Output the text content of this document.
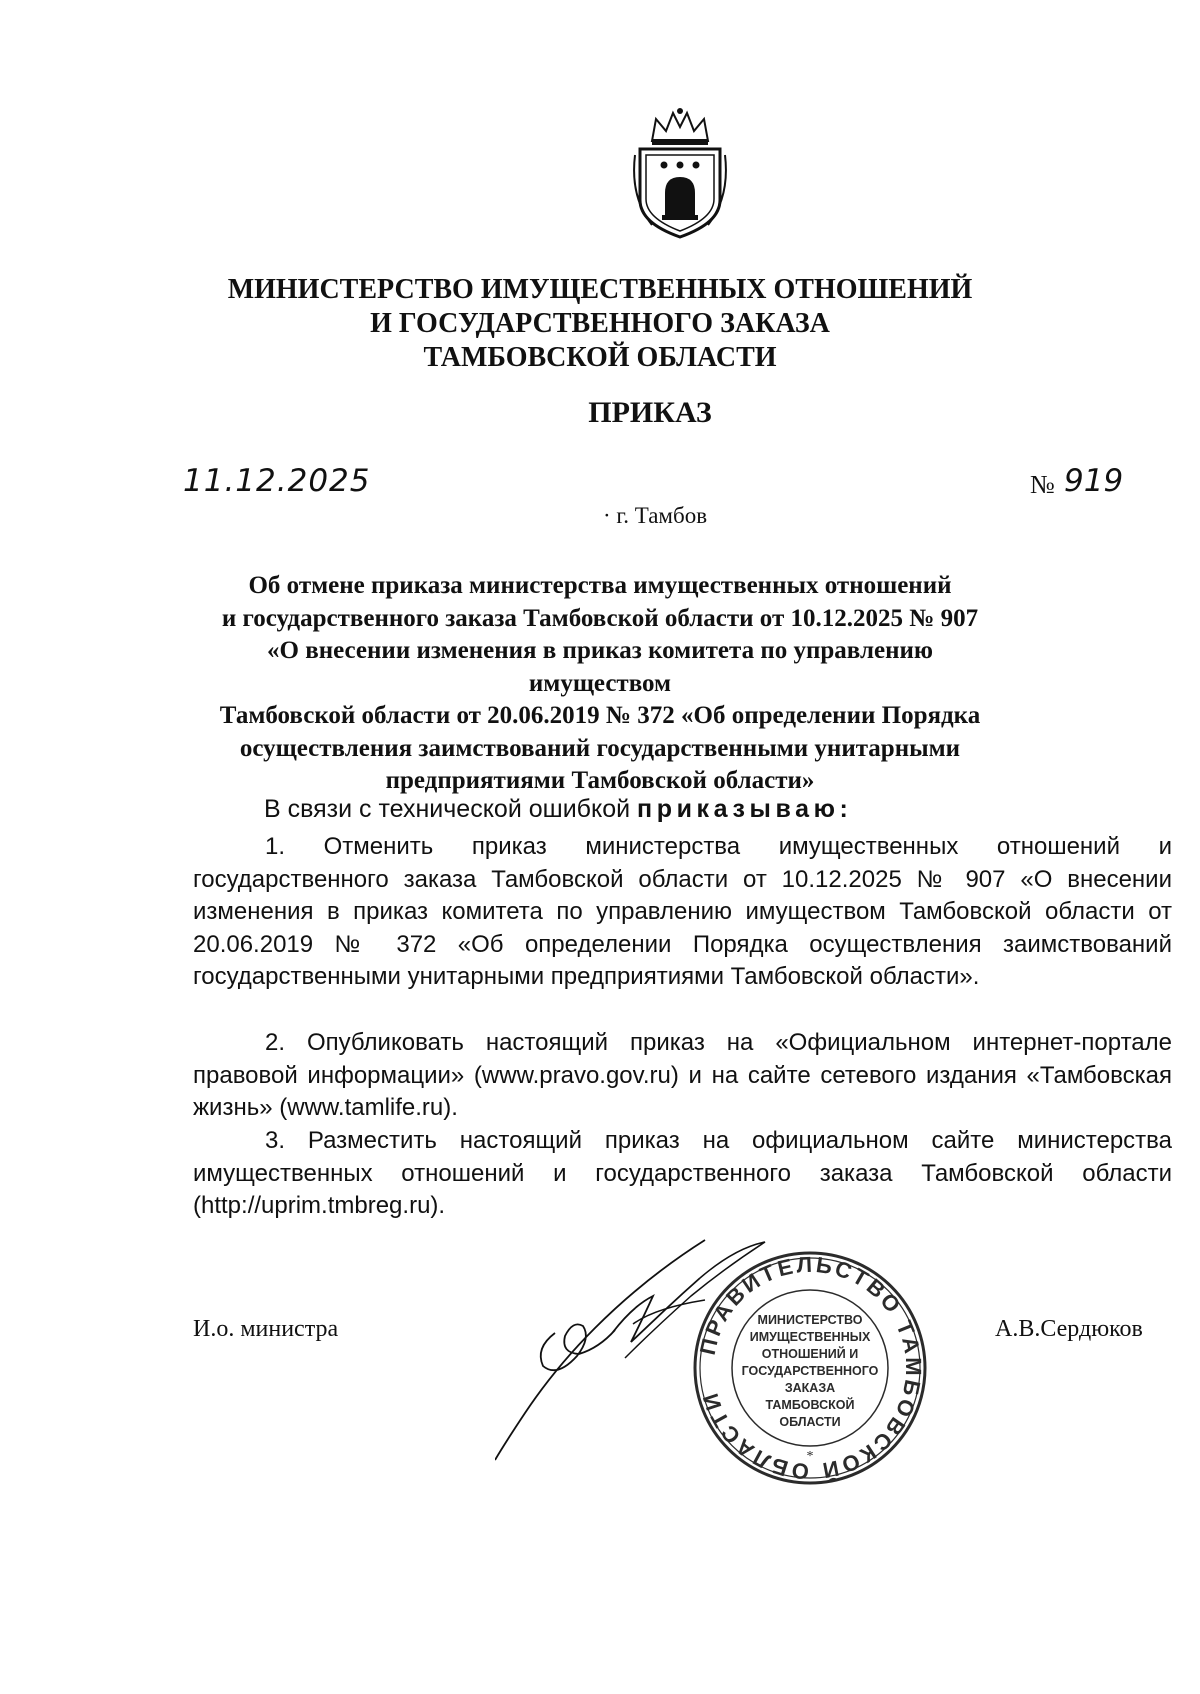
МИНИСТЕРСТВО ИМУЩЕСТВЕННЫХ ОТНОШЕНИЙ
И ГОСУДАРСТВЕННОГО ЗАКАЗА
ТАМБОВСКОЙ ОБЛАСТИ
ПРИКАЗ
11.12.2025	№ 919
· г. Тамбов
Об отмене приказа министерства имущественных отношений
и государственного заказа Тамбовской области от 10.12.2025 № 907
«О внесении изменения в приказ комитета по управлению имуществом
Тамбовской области от 20.06.2019 № 372 «Об определении Порядка
осуществления заимствований государственными унитарными
предприятиями Тамбовской области»
В связи с технической ошибкой приказываю:
1. Отменить приказ министерства имущественных отношений и государственного заказа Тамбовской области от 10.12.2025 № 907 «О внесении изменения в приказ комитета по управлению имуществом Тамбовской области от 20.06.2019 № 372 «Об определении Порядка осуществления заимствований государственными унитарными предприятиями Тамбовской области».
2. Опубликовать настоящий приказ на «Официальном интернет-портале правовой информации» (www.pravo.gov.ru) и на сайте сетевого издания «Тамбовская жизнь» (www.tamlife.ru).
3. Разместить настоящий приказ на официальном сайте министерства имущественных отношений и государственного заказа Тамбовской области (http://uprim.tmbreg.ru).
И.о. министра	А.В.Сердюков
ПРАВИТЕЛЬСТВО ТАМБОВСКОЙ ОБЛАСТИ
МИНИСТЕРСТВО
ИМУЩЕСТВЕННЫХ
ОТНОШЕНИЙ И
ГОСУДАРСТВЕННОГО
ЗАКАЗА
ТАМБОВСКОЙ
ОБЛАСТИ
*
